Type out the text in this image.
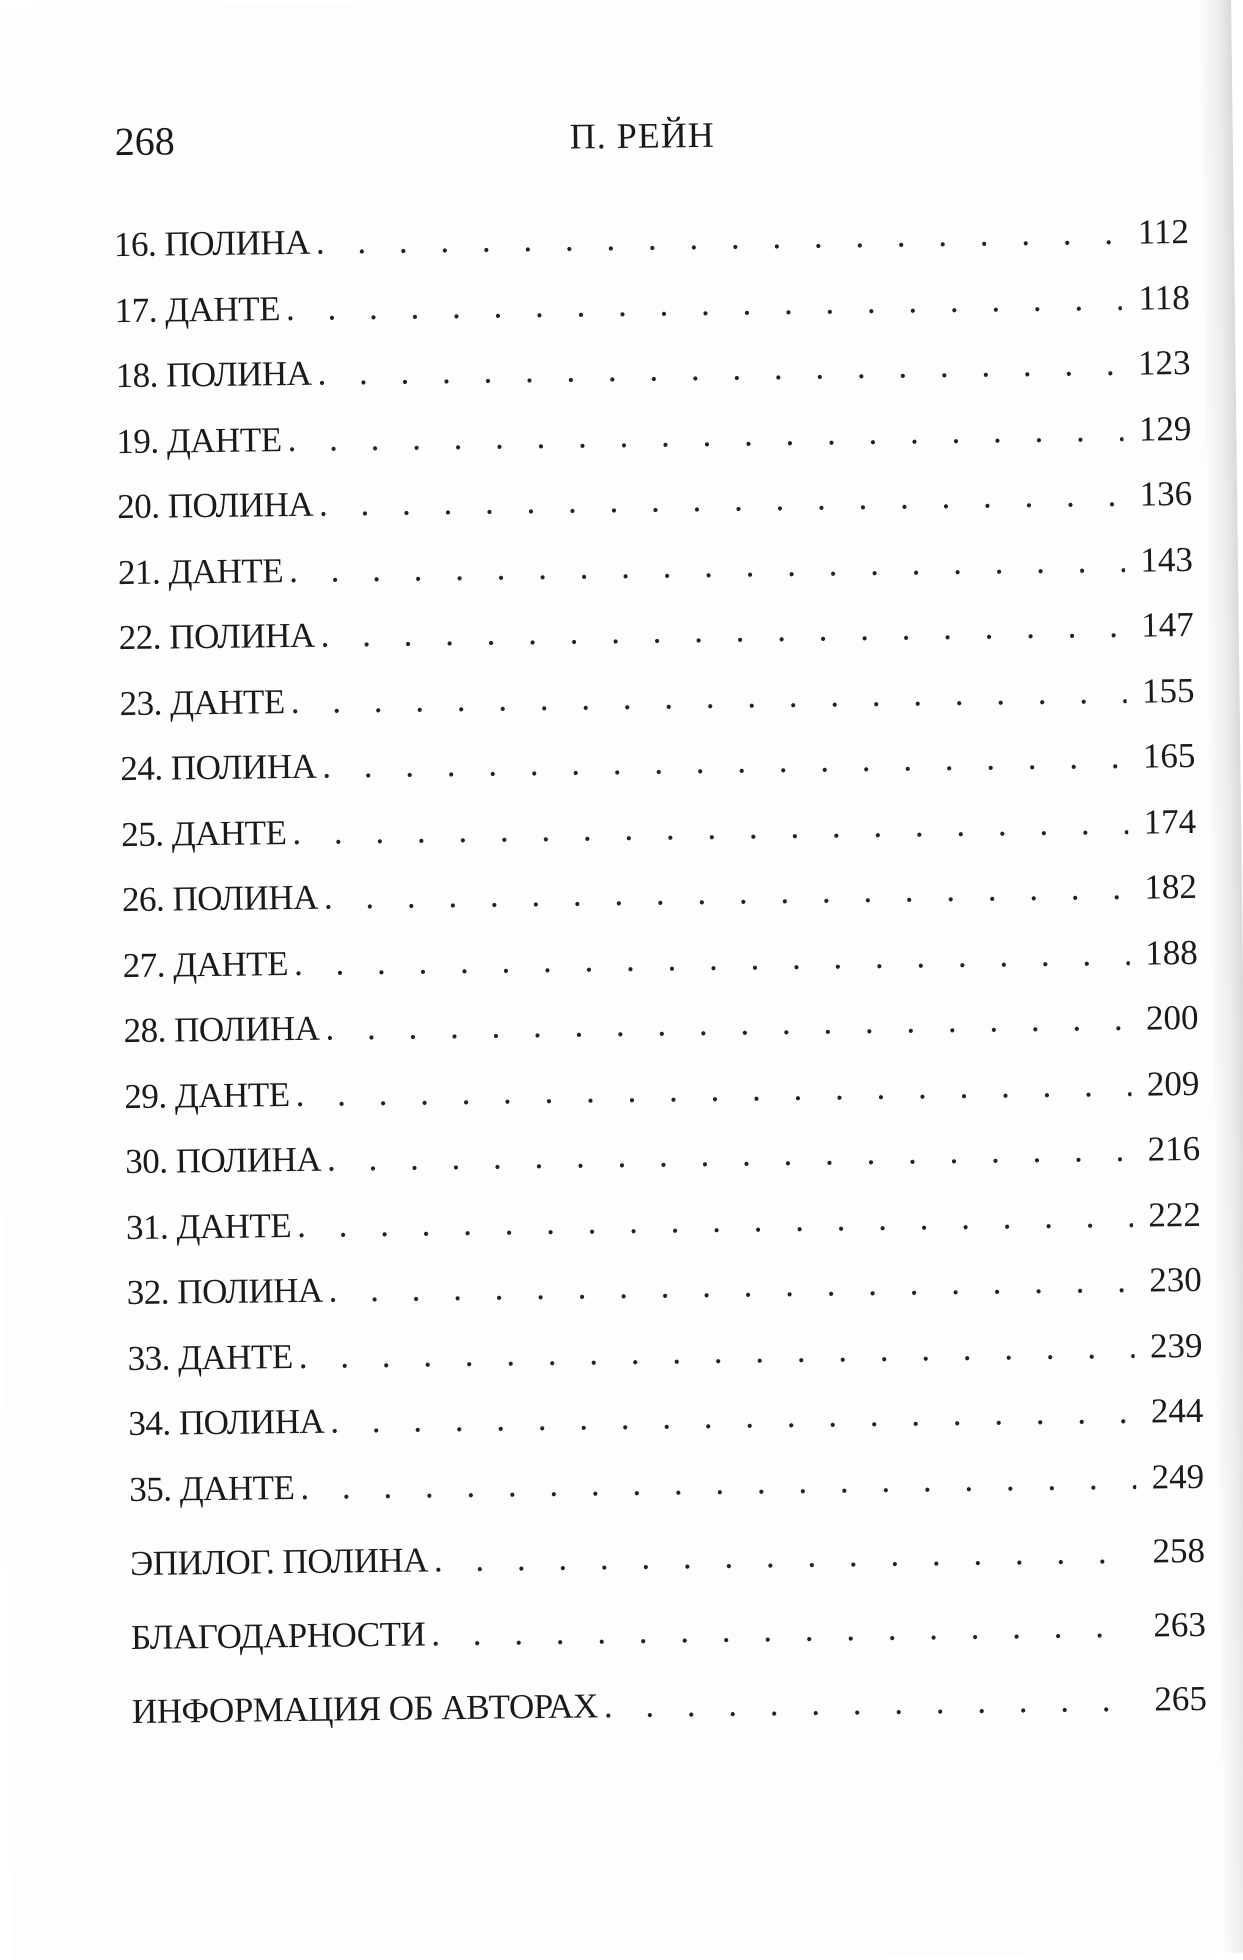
268	П. РЕЙН
16. ПОЛИНА . . .	112
17. ДАНТЕ . . .	118
18. ПОЛИНА . . .	123
19. ДАНТЕ . . .	129
20. ПОЛИНА . . .	136
21. ДАНТЕ . . .	143
22. ПОЛИНА . . .	147
23. ДАНТЕ . . .	155
24. ПОЛИНА . . .	165
25. ДАНТЕ . . .	174
26. ПОЛИНА . . .	182
27. ДАНТЕ . . .	188
28. ПОЛИНА . . .	200
29. ДАНТЕ . . .	209
30. ПОЛИНА . . .	216
31. ДАНТЕ . . .	222
32. ПОЛИНА . . .	230
33. ДАНТЕ . . .	239
34. ПОЛИНА . . .	244
35. ДАНТЕ . . .	249
ЭПИЛОГ. ПОЛИНА . . .	258
БЛАГОДАРНОСТИ . . .	263
ИНФОРМАЦИЯ ОБ АВТОРАХ . . .	265
